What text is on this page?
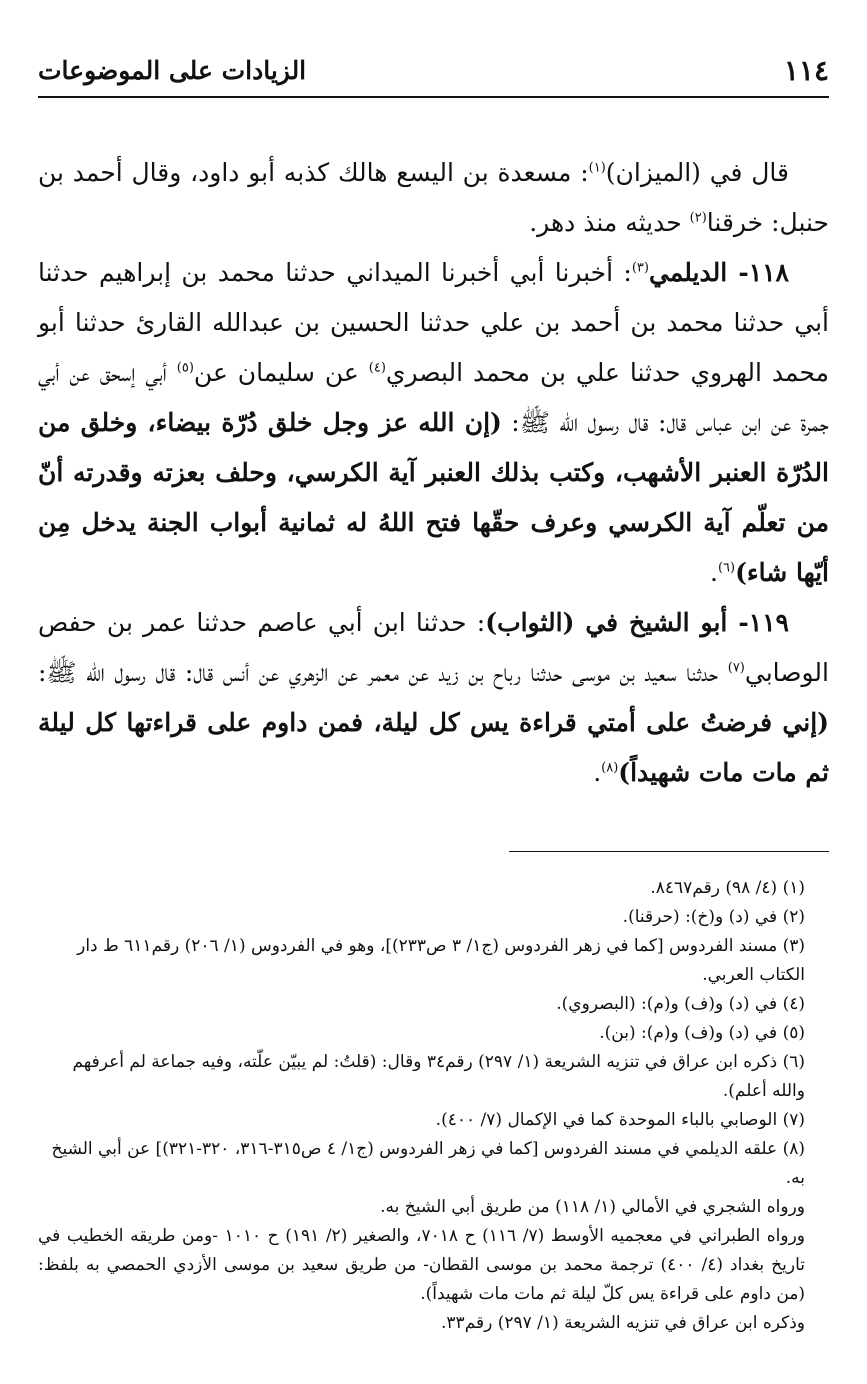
١١٤
الزيادات على الموضوعات

قال في (الميزان)$^{(١)}$: مسعدة بن اليسع هالك كذبه أبو داود، وقال أحمد بن حنبل: خرقنا$^{(٢)}$ حديثه منذ دهر.

١١٨- الديلمي$^{(٣)}$: أخبرنا أبي أخبرنا الميداني حدثنا محمد بن إبراهيم حدثنا أبي حدثنا محمد بن أحمد بن علي حدثنا الحسين بن عبدالله القارئ حدثنا أبو محمد الهروي حدثنا علي بن محمد البصري$^{(٤)}$ عن سليمان عن$^{(٥)}$ أبي إسحق عن أبي جمرة عن ابن عباس قال: قال رسول الله ﷺ: (إن الله عز وجل خلق دُرّة بيضاء، وخلق من الدُرّة العنبر الأشهب، وكتب بذلك العنبر آية الكرسي، وحلف بعزته وقدرته أنّ من تعلّم آية الكرسي وعرف حقّها فتح اللهُ له ثمانية أبواب الجنة يدخل مِن أيّها شاء)$^{(٦)}$.

١١٩- أبو الشيخ في (الثواب): حدثنا ابن أبي عاصم حدثنا عمر بن حفص الوصابي$^{(٧)}$ حدثنا سعيد بن موسى حدثنا رباح بن زيد عن معمر عن الزهري عن أنس قال: قال رسول الله ﷺ: (إني فرضتُ على أمتي قراءة يس كل ليلة، فمن داوم على قراءتها كل ليلة ثم مات مات شهيداً)$^{(٨)}$.

(١) (٤/ ٩٨) رقم٨٤٦٧.

(٢) في (د) و(خ): (حرقنا).

(٣) مسند الفردوس [كما في زهر الفردوس (ج١/ ٣ ص٢٣٣)]، وهو في الفردوس (١/ ٢٠٦) رقم٦١١ ط دار الكتاب العربي.

(٤) في (د) و(ف) و(م): (البصروي).

(٥) في (د) و(ف) و(م): (بن).

(٦) ذكره ابن عراق في تنزيه الشريعة (١/ ٢٩٧) رقم٣٤ وقال: (قلتُ: لم يبيّن علّته، وفيه جماعة لم أعرفهم والله أعلم).

(٧) الوصابي بالباء الموحدة كما في الإكمال (٧/ ٤٠٠).

(٨) علقه الديلمي في مسند الفردوس [كما في زهر الفردوس (ج١/ ٤ ص٣١٥-٣١٦، ٣٢٠-٣٢١)] عن أبي الشيخ به.

ورواه الشجري في الأمالي (١/ ١١٨) من طريق أبي الشيخ به.

ورواه الطبراني في معجميه الأوسط (٧/ ١١٦) ح ٧٠١٨، والصغير (٢/ ١٩١) ح ١٠١٠ -ومن طريقه الخطيب في تاريخ بغداد (٤/ ٤٠٠) ترجمة محمد بن موسى القطان- من طريق سعيد بن موسى الأزدي الحمصي به بلفظ: (من داوم على قراءة يس كلّ ليلة ثم مات مات شهيداً).

وذكره ابن عراق في تنزيه الشريعة (١/ ٢٩٧) رقم٣٣.
